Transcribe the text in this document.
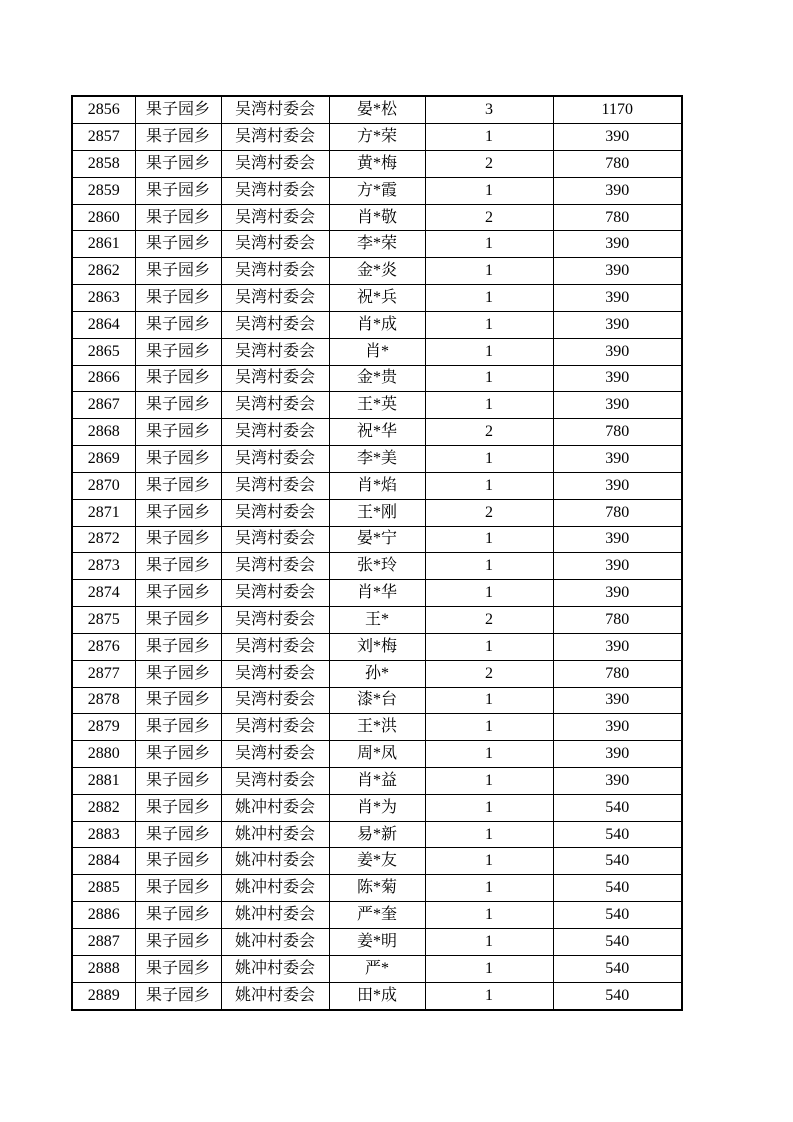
2856	果子园乡	吴湾村委会	晏*松	3	1170
2857	果子园乡	吴湾村委会	方*荣	1	390
2858	果子园乡	吴湾村委会	黄*梅	2	780
2859	果子园乡	吴湾村委会	方*霞	1	390
2860	果子园乡	吴湾村委会	肖*敬	2	780
2861	果子园乡	吴湾村委会	李*荣	1	390
2862	果子园乡	吴湾村委会	金*炎	1	390
2863	果子园乡	吴湾村委会	祝*兵	1	390
2864	果子园乡	吴湾村委会	肖*成	1	390
2865	果子园乡	吴湾村委会	肖*	1	390
2866	果子园乡	吴湾村委会	金*贵	1	390
2867	果子园乡	吴湾村委会	王*英	1	390
2868	果子园乡	吴湾村委会	祝*华	2	780
2869	果子园乡	吴湾村委会	李*美	1	390
2870	果子园乡	吴湾村委会	肖*焰	1	390
2871	果子园乡	吴湾村委会	王*刚	2	780
2872	果子园乡	吴湾村委会	晏*宁	1	390
2873	果子园乡	吴湾村委会	张*玲	1	390
2874	果子园乡	吴湾村委会	肖*华	1	390
2875	果子园乡	吴湾村委会	王*	2	780
2876	果子园乡	吴湾村委会	刘*梅	1	390
2877	果子园乡	吴湾村委会	孙*	2	780
2878	果子园乡	吴湾村委会	漆*台	1	390
2879	果子园乡	吴湾村委会	王*洪	1	390
2880	果子园乡	吴湾村委会	周*凤	1	390
2881	果子园乡	吴湾村委会	肖*益	1	390
2882	果子园乡	姚冲村委会	肖*为	1	540
2883	果子园乡	姚冲村委会	易*新	1	540
2884	果子园乡	姚冲村委会	姜*友	1	540
2885	果子园乡	姚冲村委会	陈*菊	1	540
2886	果子园乡	姚冲村委会	严*奎	1	540
2887	果子园乡	姚冲村委会	姜*明	1	540
2888	果子园乡	姚冲村委会	严*	1	540
2889	果子园乡	姚冲村委会	田*成	1	540
